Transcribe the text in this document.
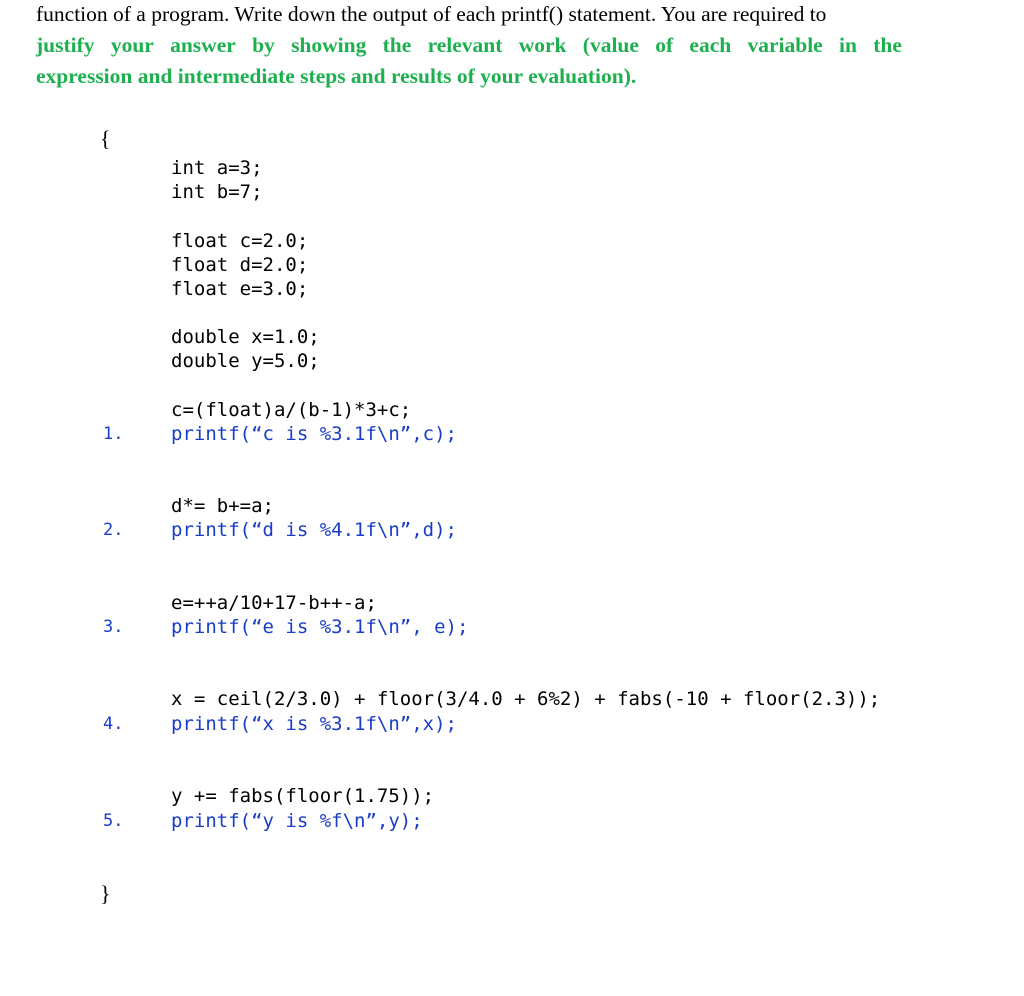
function of a program. Write down the output of each printf() statement. You are required to
justify your answer by showing the relevant work (value of each variable in the
expression and intermediate steps and results of your evaluation).
{
int a=3;
int b=7;
float c=2.0;
float d=2.0;
float e=3.0;
double x=1.0;
double y=5.0;
c=(float)a/(b-1)*3+c;
1.	printf(“c is %3.1f\n”,c);
d*= b+=a;
2.	printf(“d is %4.1f\n”,d);
e=++a/10+17-b++-a;
3.	printf(“e is %3.1f\n”, e);
x = ceil(2/3.0) + floor(3/4.0 + 6%2) + fabs(-10 + floor(2.3));
4.	printf(“x is %3.1f\n”,x);
y += fabs(floor(1.75));
5.	printf(“y is %f\n”,y);
}
